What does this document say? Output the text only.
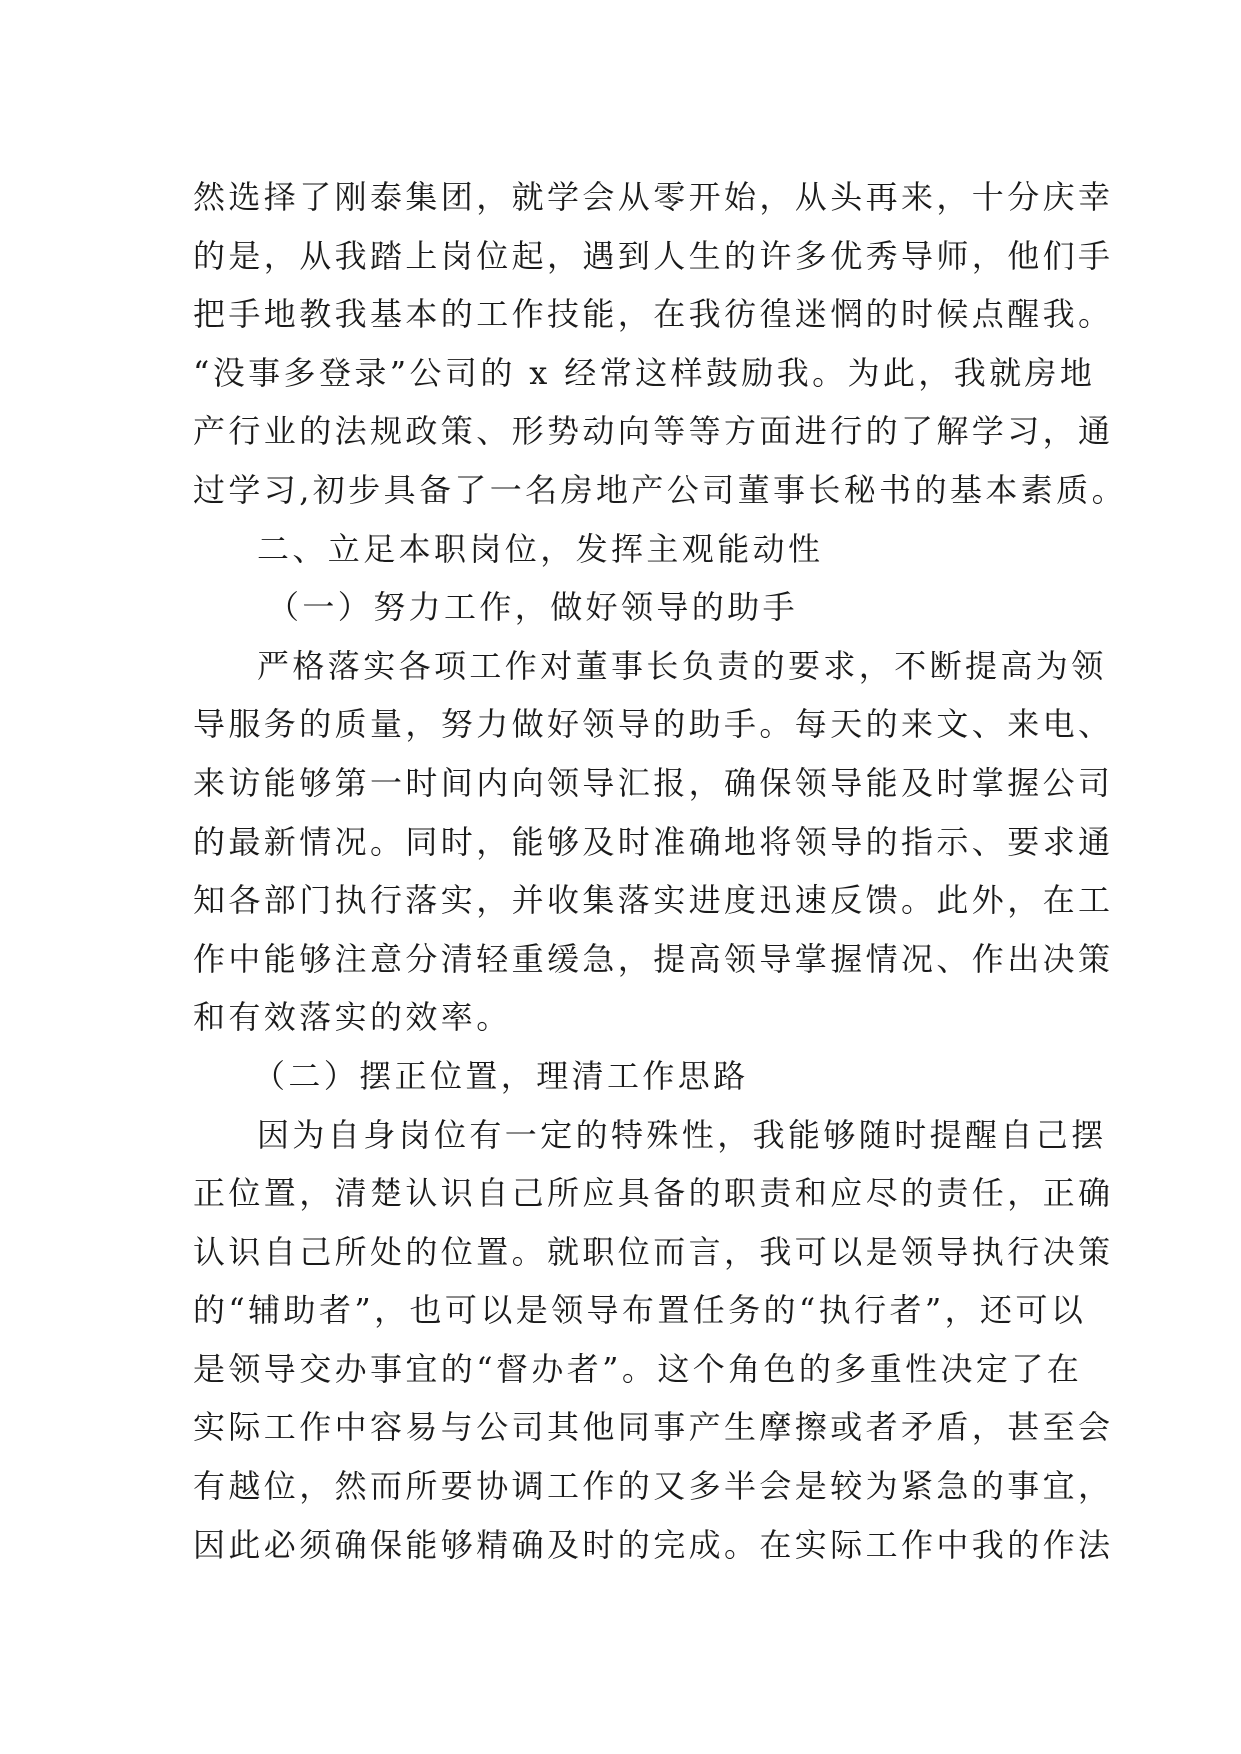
然选择了刚泰集团，就学会从零开始，从头再来，十分庆幸
的是，从我踏上岗位起，遇到人生的许多优秀导师，他们手
把手地教我基本的工作技能，在我彷徨迷惘的时候点醒我。
“没事多登录”公司的 x 经常这样鼓励我。为此，我就房地
产行业的法规政策、形势动向等等方面进行的了解学习，通
过学习,初步具备了一名房地产公司董事长秘书的基本素质。
二、立足本职岗位，发挥主观能动性
（一）努力工作，做好领导的助手
严格落实各项工作对董事长负责的要求，不断提高为领
导服务的质量，努力做好领导的助手。每天的来文、来电、
来访能够第一时间内向领导汇报，确保领导能及时掌握公司
的最新情况。同时，能够及时准确地将领导的指示、要求通
知各部门执行落实，并收集落实进度迅速反馈。此外，在工
作中能够注意分清轻重缓急，提高领导掌握情况、作出决策
和有效落实的效率。
（二）摆正位置，理清工作思路
因为自身岗位有一定的特殊性，我能够随时提醒自己摆
正位置，清楚认识自己所应具备的职责和应尽的责任，正确
认识自己所处的位置。就职位而言，我可以是领导执行决策
的“辅助者”，也可以是领导布置任务的“执行者”，还可以
是领导交办事宜的“督办者”。这个角色的多重性决定了在
实际工作中容易与公司其他同事产生摩擦或者矛盾，甚至会
有越位，然而所要协调工作的又多半会是较为紧急的事宜，
因此必须确保能够精确及时的完成。在实际工作中我的作法
